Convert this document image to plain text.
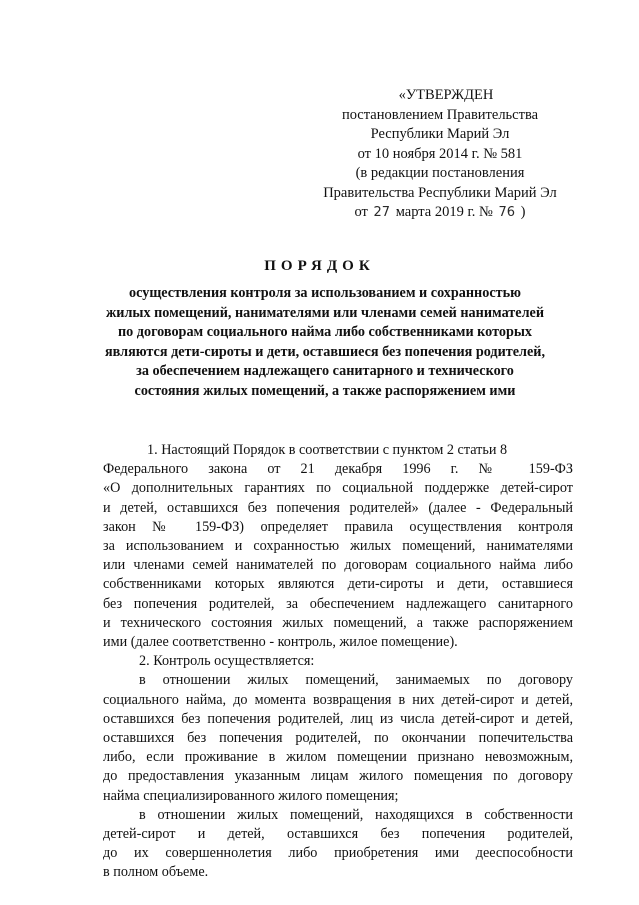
«УТВЕРЖДЕН
постановлением Правительства
Республики Марий Эл
от 10 ноября 2014 г. № 581
(в редакции постановления
Правительства Республики Марий Эл
от 27 марта 2019 г. № 76 )
ПОРЯДОК
осуществления контроля за использованием и сохранностью
жилых помещений, нанимателями или членами семей нанимателей
по договорам социального найма либо собственниками которых
являются дети-сироты и дети, оставшиеся без попечения родителей,
за обеспечением надлежащего санитарного и технического
состояния жилых помещений, а также распоряжением ими
1. Настоящий Порядок в соответствии с пунктом 2 статьи 8
Федерального закона от 21 декабря 1996 г. № 159-ФЗ
«О дополнительных гарантиях по социальной поддержке детей-сирот
и детей, оставшихся без попечения родителей» (далее - Федеральный
закон № 159-ФЗ) определяет правила осуществления контроля
за использованием и сохранностью жилых помещений, нанимателями
или членами семей нанимателей по договорам социального найма либо
собственниками которых являются дети-сироты и дети, оставшиеся
без попечения родителей, за обеспечением надлежащего санитарного
и технического состояния жилых помещений, а также распоряжением
ими (далее соответственно - контроль, жилое помещение).
2. Контроль осуществляется:
в отношении жилых помещений, занимаемых по договору
социального найма, до момента возвращения в них детей-сирот и детей,
оставшихся без попечения родителей, лиц из числа детей-сирот и детей,
оставшихся без попечения родителей, по окончании попечительства
либо, если проживание в жилом помещении признано невозможным,
до предоставления указанным лицам жилого помещения по договору
найма специализированного жилого помещения;
в отношении жилых помещений, находящихся в собственности
детей-сирот и детей, оставшихся без попечения родителей,
до их совершеннолетия либо приобретения ими дееспособности
в полном объеме.
